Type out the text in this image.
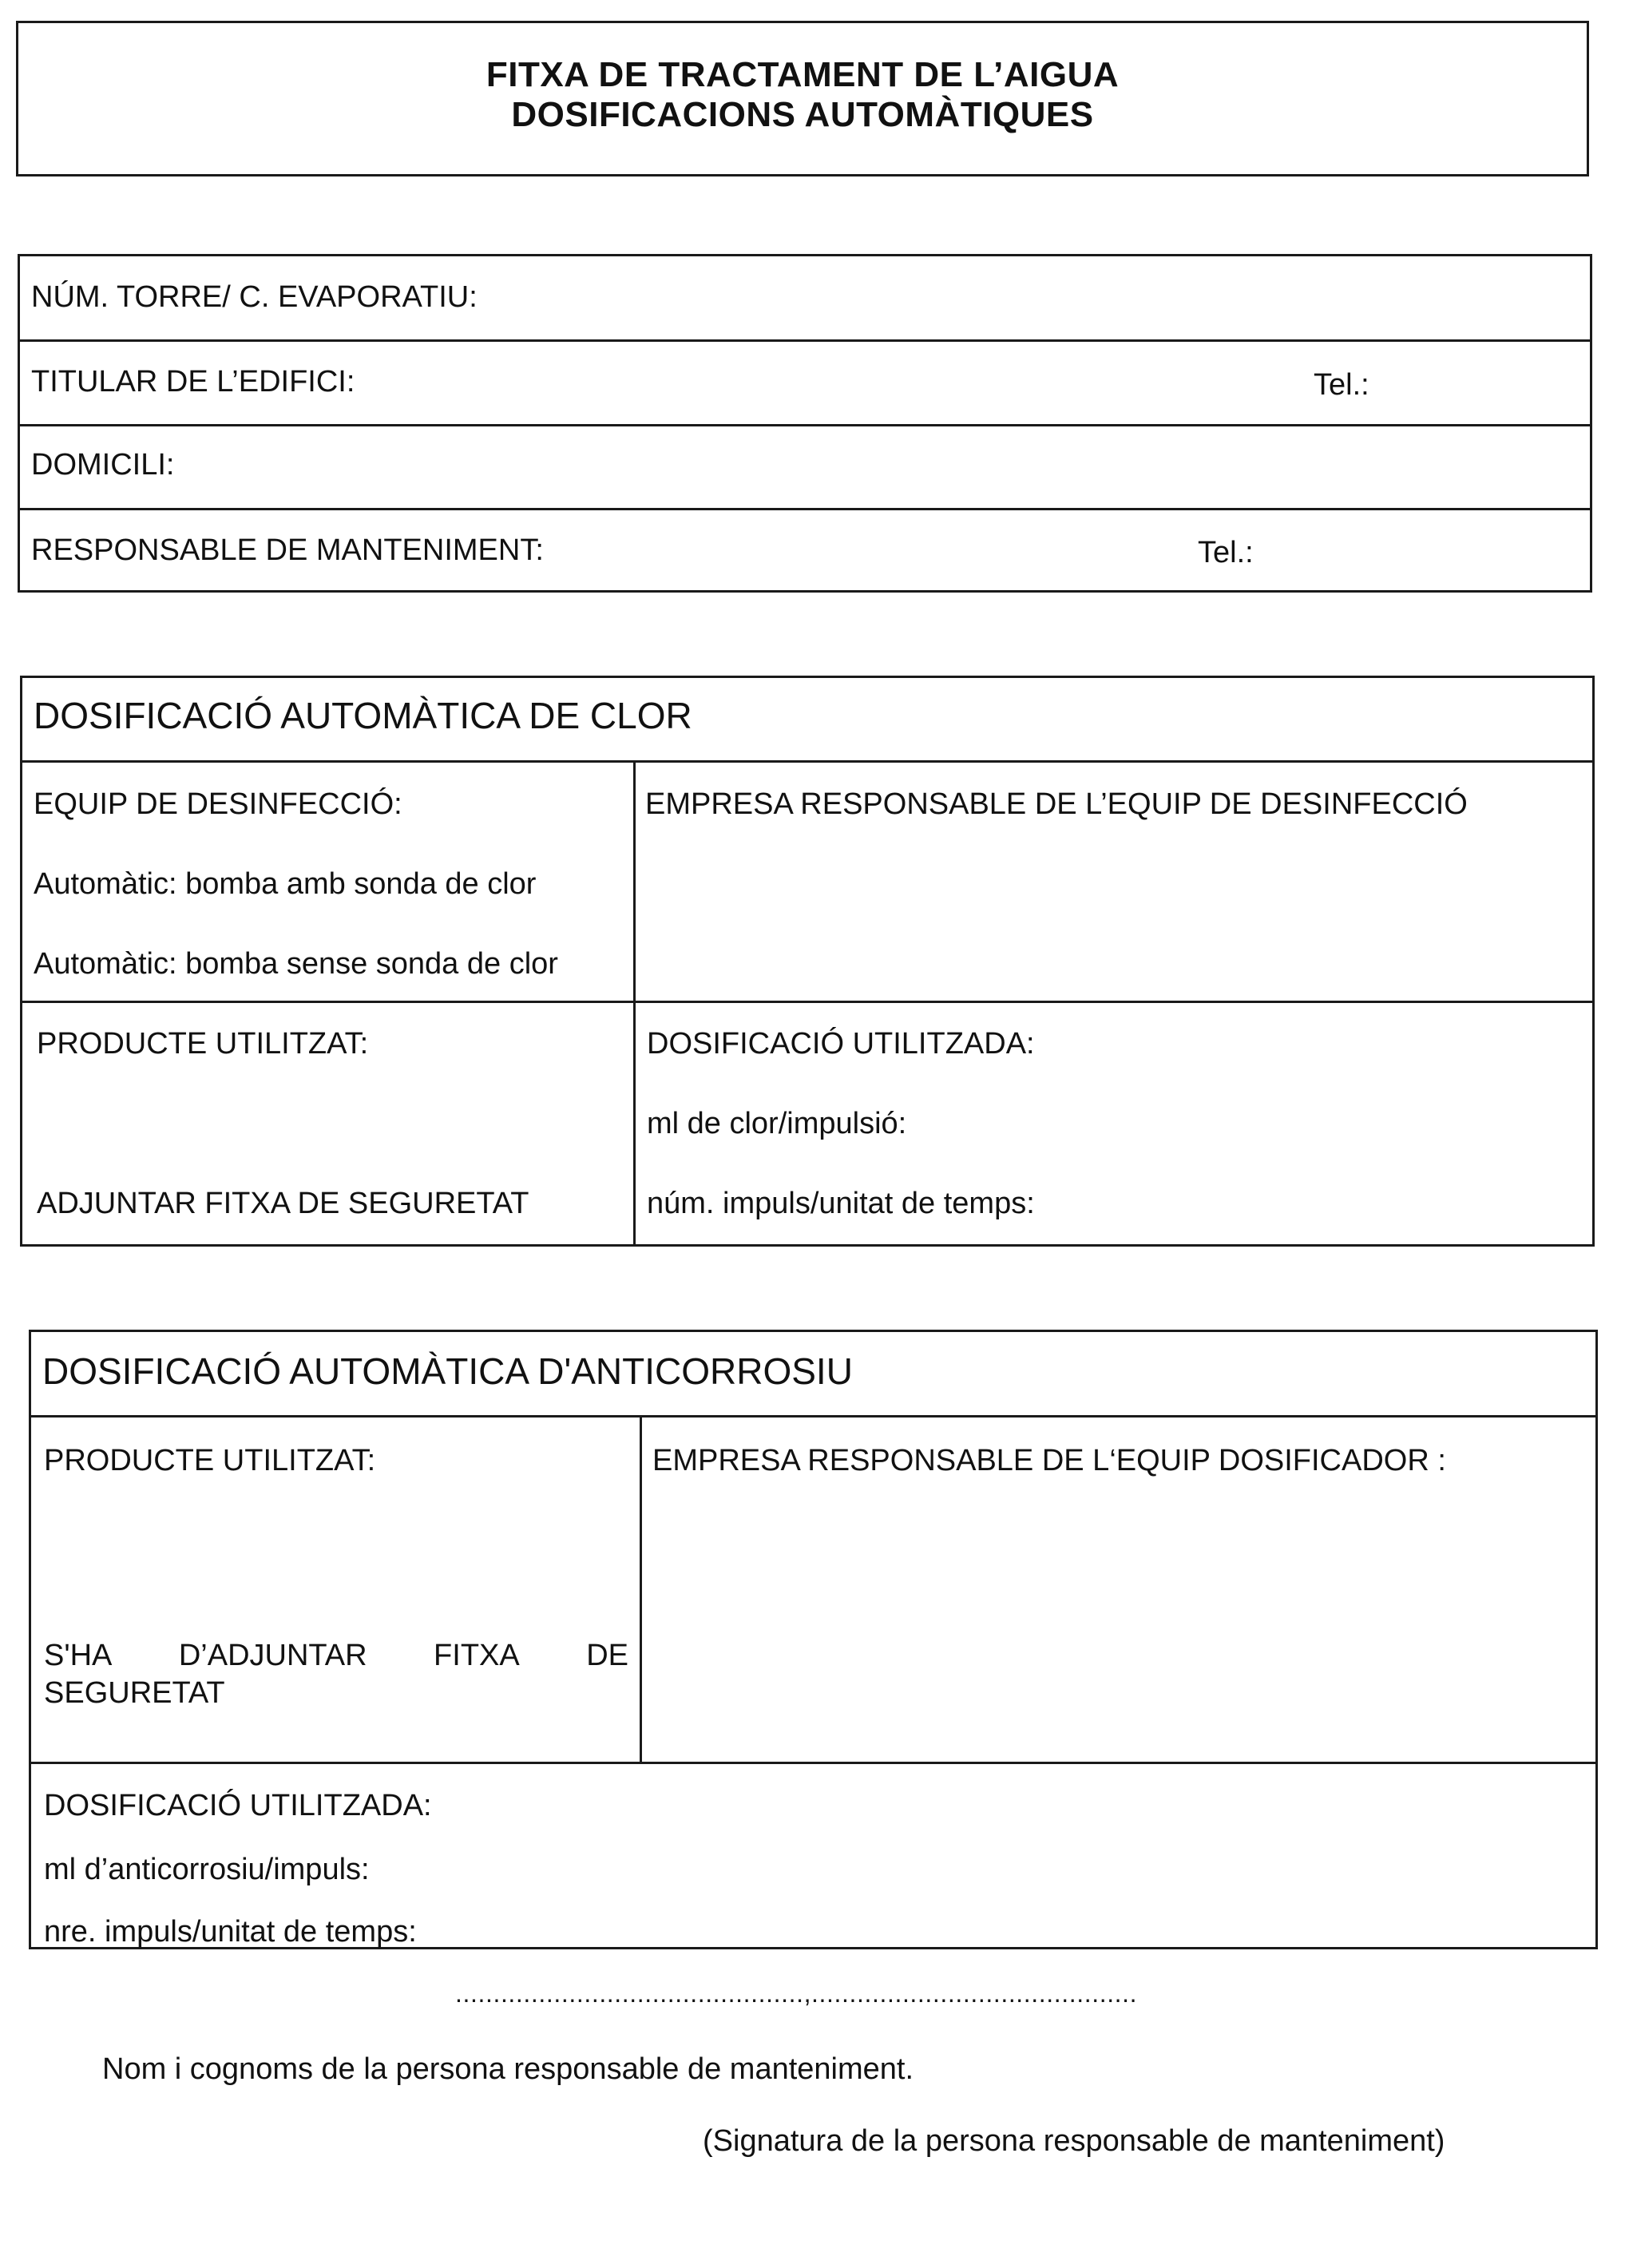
FITXA DE TRACTAMENT DE L’AIGUA
DOSIFICACIONS AUTOMÀTIQUES
NÚM. TORRE/ C. EVAPORATIU:
TITULAR DE L’EDIFICI:	Tel.:
DOMICILI:
RESPONSABLE DE MANTENIMENT:	Tel.:
DOSIFICACIÓ AUTOMÀTICA DE CLOR
EQUIP DE DESINFECCIÓ:
Automàtic: bomba amb sonda de clor
Automàtic: bomba sense sonda de clor
EMPRESA RESPONSABLE DE L’EQUIP DE DESINFECCIÓ
PRODUCTE UTILITZAT:
ADJUNTAR FITXA DE SEGURETAT
DOSIFICACIÓ UTILITZADA:
ml de clor/impulsió:
núm. impuls/unitat de temps:
DOSIFICACIÓ AUTOMÀTICA D'ANTICORROSIU
PRODUCTE UTILITZAT:
S'HA D’ADJUNTAR FITXA DE
SEGURETAT
EMPRESA RESPONSABLE DE L‘EQUIP DOSIFICADOR :
DOSIFICACIÓ UTILITZADA:
ml d’anticorrosiu/impuls:
nre. impuls/unitat de temps:
..............................................,...........................................
Nom i cognoms de la persona responsable de manteniment.
(Signatura de la persona responsable de manteniment)
